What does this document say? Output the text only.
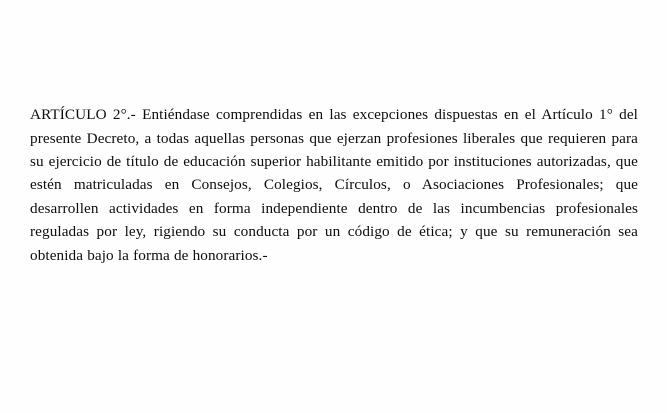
ARTÍCULO 2°.- Entiéndase comprendidas en las excepciones dispuestas en el Artículo 1° del presente Decreto, a todas aquellas personas que ejerzan profesiones liberales que requieren para su ejercicio de título de educación superior habilitante emitido por instituciones autorizadas, que estén matriculadas en Consejos, Colegios, Círculos, o Asociaciones Profesionales; que desarrollen actividades en forma independiente dentro de las incumbencias profesionales reguladas por ley, rigiendo su conducta por un código de ética; y que su remuneración sea obtenida bajo la forma de honorarios.-
